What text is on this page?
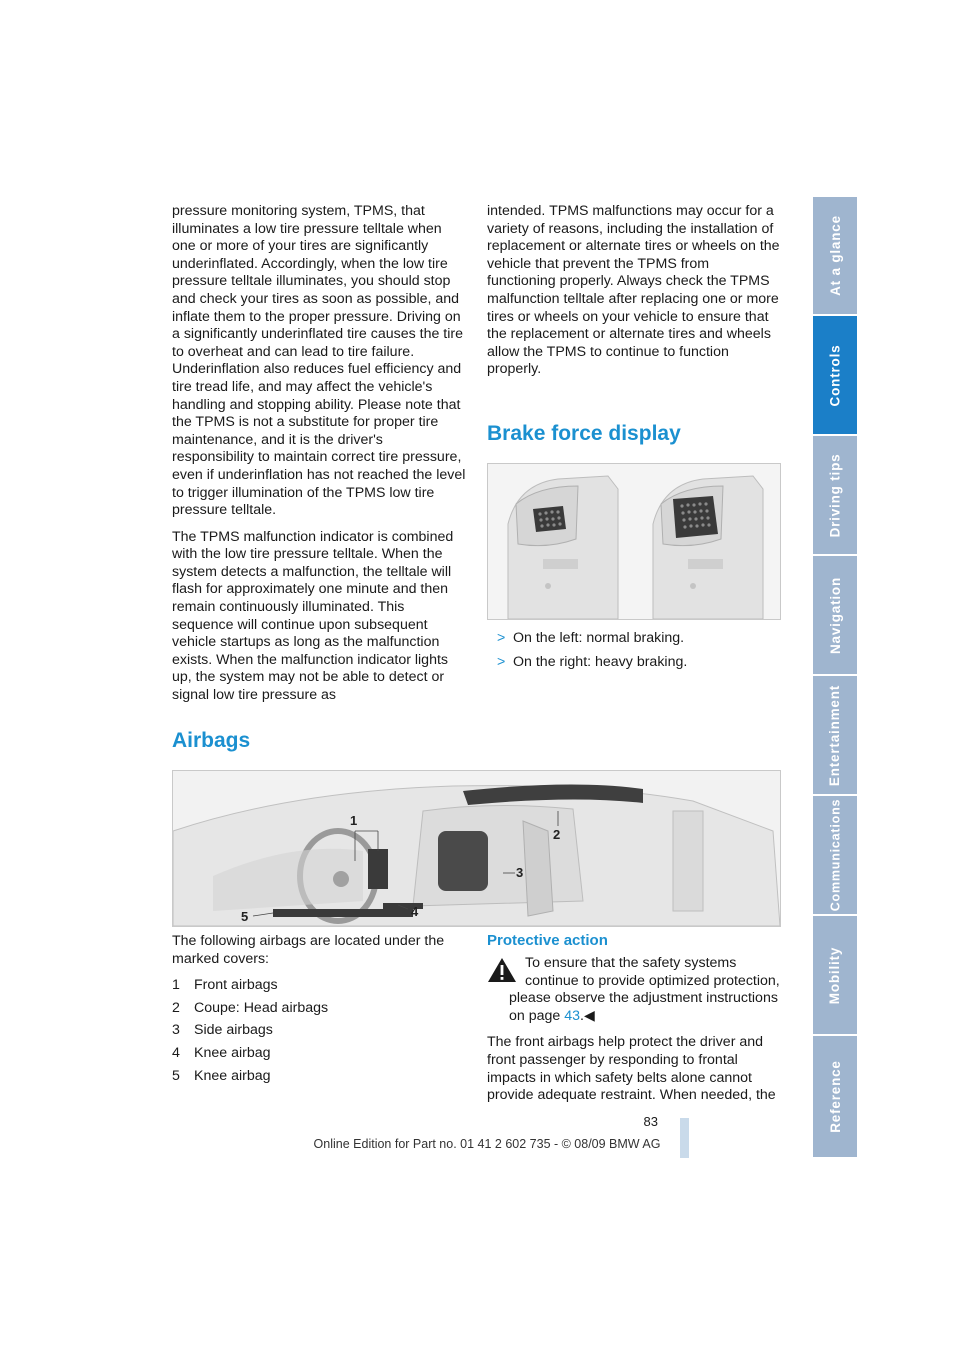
pressure monitoring system, TPMS, that illuminates a low tire pressure telltale when one or more of your tires are significantly underinflated. Accordingly, when the low tire pressure telltale illuminates, you should stop and check your tires as soon as possible, and inflate them to the proper pressure. Driving on a significantly underinflated tire causes the tire to overheat and can lead to tire failure. Underinflation also reduces fuel efficiency and tire tread life, and may affect the vehicle's handling and stopping ability. Please note that the TPMS is not a substitute for proper tire maintenance, and it is the driver's responsibility to maintain correct tire pressure, even if underinflation has not reached the level to trigger illumination of the TPMS low tire pressure telltale.

The TPMS malfunction indicator is combined with the low tire pressure telltale. When the system detects a malfunction, the telltale will flash for approximately one minute and then remain continuously illuminated. This sequence will continue upon subsequent vehicle startups as long as the malfunction exists. When the malfunction indicator lights up, the system may not be able to detect or signal low tire pressure as

intended. TPMS malfunctions may occur for a variety of reasons, including the installation of replacement or alternate tires or wheels on the vehicle that prevent the TPMS from functioning properly. Always check the TPMS malfunction telltale after replacing one or more tires or wheels on your vehicle to ensure that the replacement or alternate tires and wheels allow the TPMS to continue to function properly.

Brake force display
> On the left: normal braking.
> On the right: heavy braking.
Airbags
1
2
3
4
5

The following airbags are located under the marked covers:

1 Front airbags
2 Coupe: Head airbags
3 Side airbags
4 Knee airbag
5 Knee airbag
Protective action

To ensure that the safety systems continue to provide optimized protection, please observe the adjustment instructions on page 43.◀

The front airbags help protect the driver and front passenger by responding to frontal impacts in which safety belts alone cannot provide adequate restraint. When needed, the

At a glance
Controls
Driving tips
Navigation
Entertainment
Communications
Mobility
Reference
83
Online Edition for Part no. 01 41 2 602 735 - © 08/09 BMW AG
